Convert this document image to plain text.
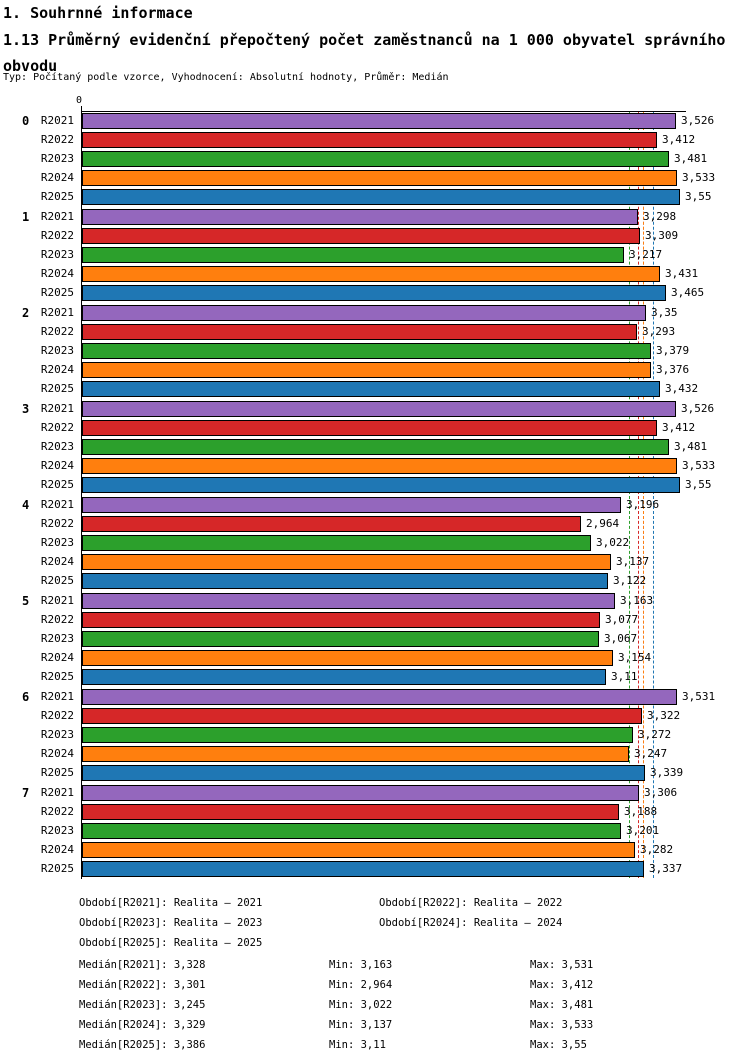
1. Souhrnné informace
1.13 Průměrný evidenční přepočtený počet zaměstnanců na 1 000 obyvatel správního obvodu
Typ: Počítaný podle vzorce, Vyhodnocení: Absolutní hodnoty, Průměr: Medián
0
0	R2021	3,526
R2022	3,412
R2023	3,481
R2024	3,533
R2025	3,55
1	R2021	3,298
R2022	3,309
R2023	3,217
R2024	3,431
R2025	3,465
2	R2021	3,35
R2022	3,293
R2023	3,379
R2024	3,376
R2025	3,432
3	R2021	3,526
R2022	3,412
R2023	3,481
R2024	3,533
R2025	3,55
4	R2021	3,196
R2022	2,964
R2023	3,022
R2024	3,137
R2025	3,122
5	R2021	3,163
R2022	3,077
R2023	3,067
R2024	3,154
R2025	3,11
6	R2021	3,531
R2022	3,322
R2023	3,272
R2024	3,247
R2025	3,339
7	R2021	3,306
R2022	3,188
R2023	3,201
R2024	3,282
R2025	3,337
Období[R2021]: Realita – 2021	Období[R2022]: Realita – 2022
Období[R2023]: Realita – 2023	Období[R2024]: Realita – 2024
Období[R2025]: Realita – 2025
Medián[R2021]: 3,328	Min: 3,163	Max: 3,531
Medián[R2022]: 3,301	Min: 2,964	Max: 3,412
Medián[R2023]: 3,245	Min: 3,022	Max: 3,481
Medián[R2024]: 3,329	Min: 3,137	Max: 3,533
Medián[R2025]: 3,386	Min: 3,11	Max: 3,55
